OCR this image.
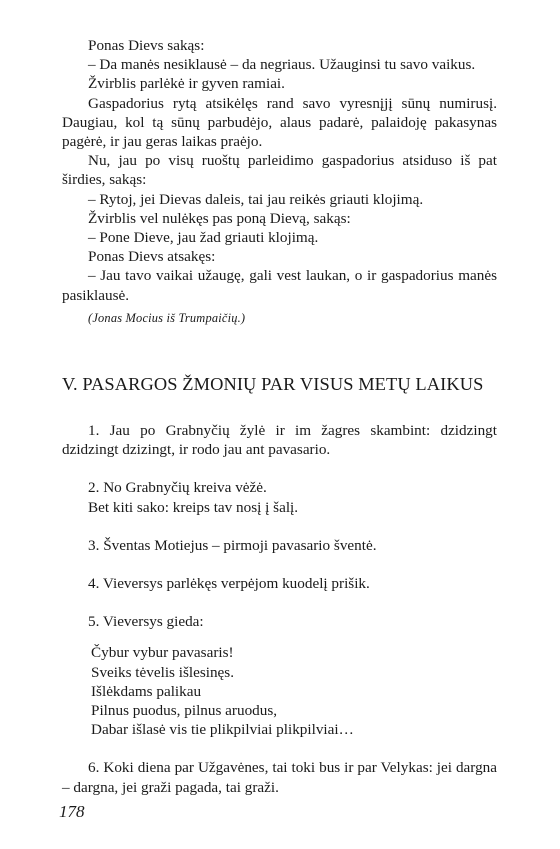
Ponas Dievs sakąs:

– Da manės nesiklausė – da negriaus. Užauginsi tu savo vaikus.

Žvirblis parlėkė ir gyven ramiai.

Gaspadorius rytą atsikėlęs rand savo vyresnįjį sūnų numirusį. Daugiau, kol tą sūnų parbudėjo, alaus padarė, palaidoję pakasynas pagėrė, ir jau geras laikas praėjo.

Nu, jau po visų ruoštų parleidimo gaspadorius atsiduso iš pat širdies, sakąs:

– Rytoj, jei Dievas daleis, tai jau reikės griauti klojimą.

Žvirblis vel nulėkęs pas poną Dievą, sakąs:

– Pone Dieve, jau žad griauti klojimą.

Ponas Dievs atsakęs:

– Jau tavo vaikai užaugę, gali vest laukan, o ir gaspadorius manės pasiklausė.

(Jonas Mocius iš Trumpaičių.)

V. PASARGOS ŽMONIŲ PAR VISUS METŲ LAIKUS

1. Jau po Grabnyčių žylė ir im žagres skambint: dzidzingt dzidzingt dzizingt, ir rodo jau ant pavasario.

2. No Grabnyčių kreiva vėžė.

Bet kiti sako: kreips tav nosį į šalį.

3. Šventas Motiejus – pirmoji pavasario šventė.

4. Vieversys parlėkęs verpėjom kuodelį prišik.

5. Vieversys gieda:

Čybur vybur pavasaris!

Sveiks tėvelis išlesinęs.

Išlėkdams palikau

Pilnus puodus, pilnus aruodus,

Dabar išlasė vis tie plikpilviai plikpilviai…

6. Koki diena par Užgavėnes, tai toki bus ir par Velykas: jei dargna – dargna, jei graži pagada, tai graži.

178
